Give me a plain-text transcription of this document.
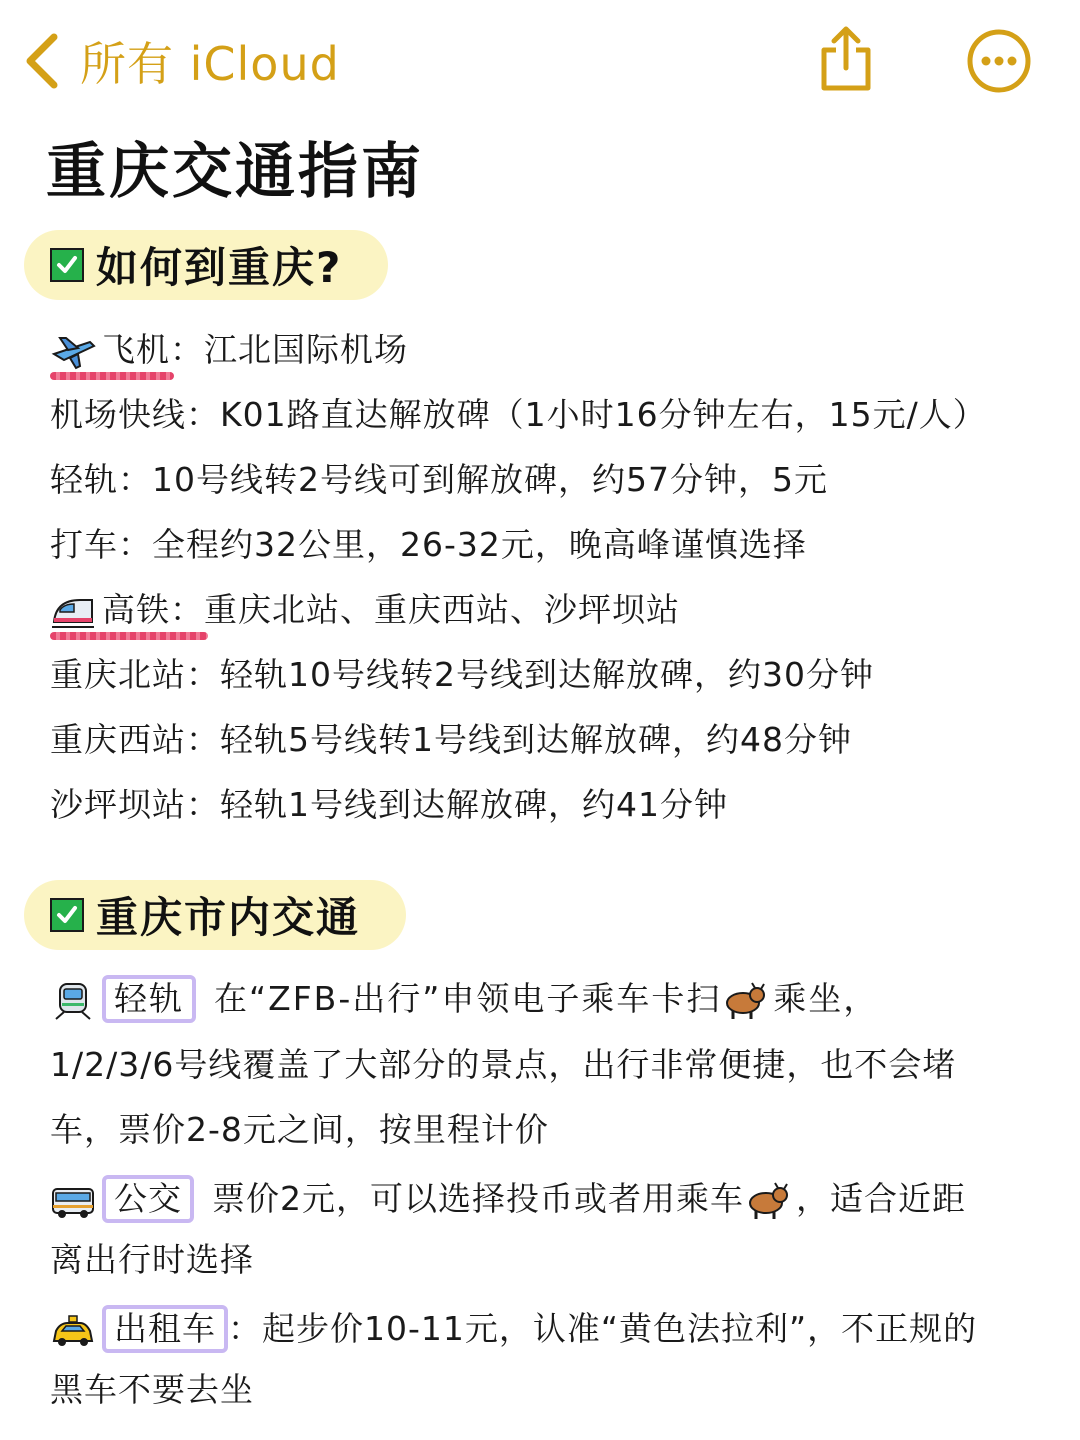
所有 iCloud
重庆交通指南
如何到重庆?
飞机：江北国际机场
机场快线：K01路直达解放碑（1小时16分钟左右，15元/人）
轻轨：10号线转2号线可到解放碑，约57分钟，5元
打车：全程约32公里，26-32元，晚高峰谨慎选择
高铁：重庆北站、重庆西站、沙坪坝站
重庆北站：轻轨10号线转2号线到达解放碑，约30分钟
重庆西站：轻轨5号线转1号线到达解放碑，约48分钟
沙坪坝站：轻轨1号线到达解放碑，约41分钟
重庆市内交通
轻轨 在“ZFB-出行”申领电子乘车卡扫 乘坐，
1/2/3/6号线覆盖了大部分的景点，出行非常便捷，也不会堵
车，票价2-8元之间，按里程计价
公交 票价2元，可以选择投币或者用乘车 ，适合近距
离出行时选择
出租车 ：起步价10-11元，认准“黄色法拉利”，不正规的
黑车不要去坐
